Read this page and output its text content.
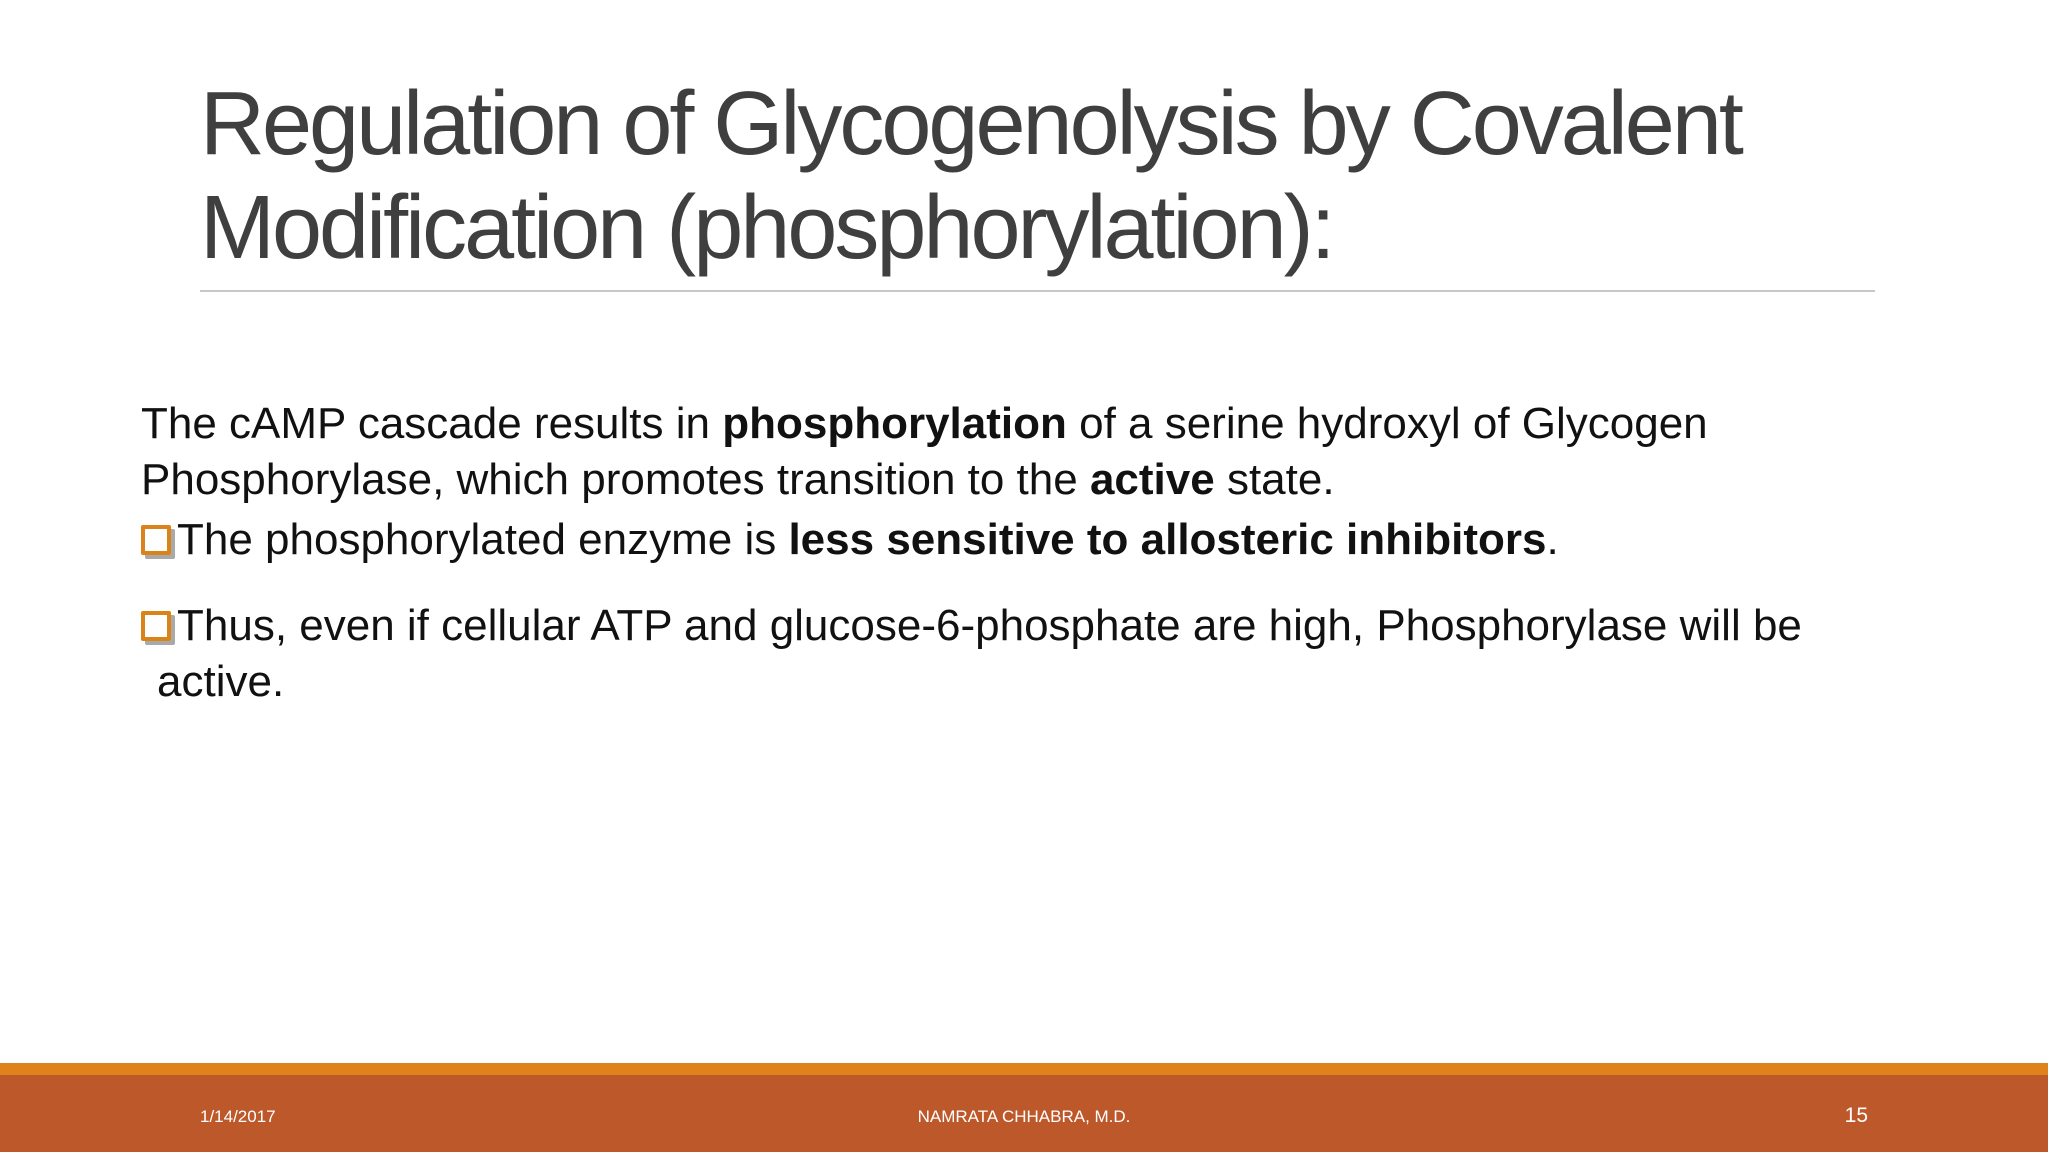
Regulation of Glycogenolysis by Covalent
Modification (phosphorylation):

The cAMP cascade results in phosphorylation of a serine hydroxyl of Glycogen Phosphorylase, which promotes transition to the active state.

The phosphorylated enzyme is less sensitive to allosteric inhibitors.
Thus, even if cellular ATP and glucose-6-phosphate are high, Phosphorylase will be
active.
1/14/2017	NAMRATA CHHABRA, M.D.	15
